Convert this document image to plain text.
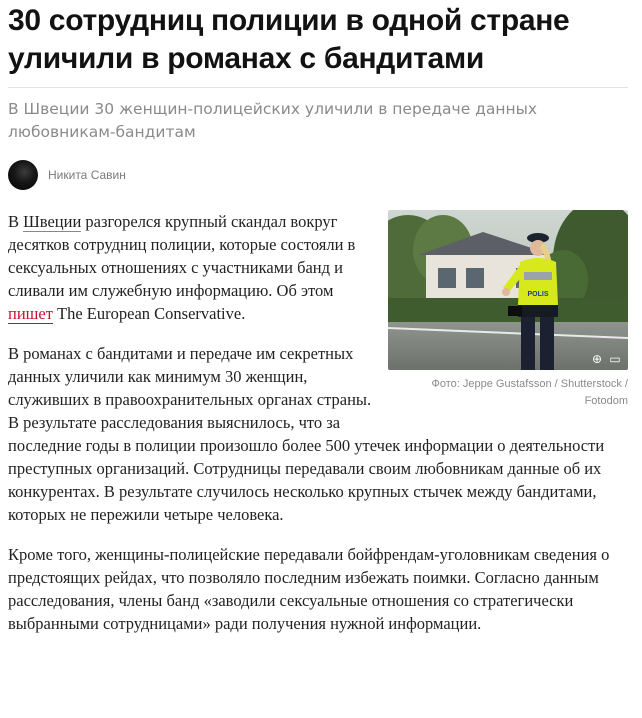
30 сотрудниц полиции в одной стране уличили в романах с бандитами

В Швеции 30 женщин-полицейских уличили в передаче данных любовникам-бандитам

Никита Савин
POLIS
⊕ ▭
Фото: Jeppe Gustafsson / Shutterstock / Fotodom

В Швеции разгорелся крупный скандал вокруг десятков сотрудниц полиции, которые состояли в сексуальных отношениях с участниками банд и сливали им служебную информацию. Об этом пишет The European Conservative.

В романах с бандитами и передаче им секретных данных уличили как минимум 30 женщин, служивших в правоохранительных органах страны. В результате расследования выяснилось, что за последние годы в полиции произошло более 500 утечек информации о деятельности преступных организаций. Сотрудницы передавали своим любовникам данные об их конкурентах. В результате случилось несколько крупных стычек между бандитами, которых не пережили четыре человека.

Кроме того, женщины-полицейские передавали бойфрендам-уголовникам сведения о предстоящих рейдах, что позволяло последним избежать поимки. Согласно данным расследования, члены банд «заводили сексуальные отношения со стратегически выбранными сотрудницами» ради получения нужной информации.
